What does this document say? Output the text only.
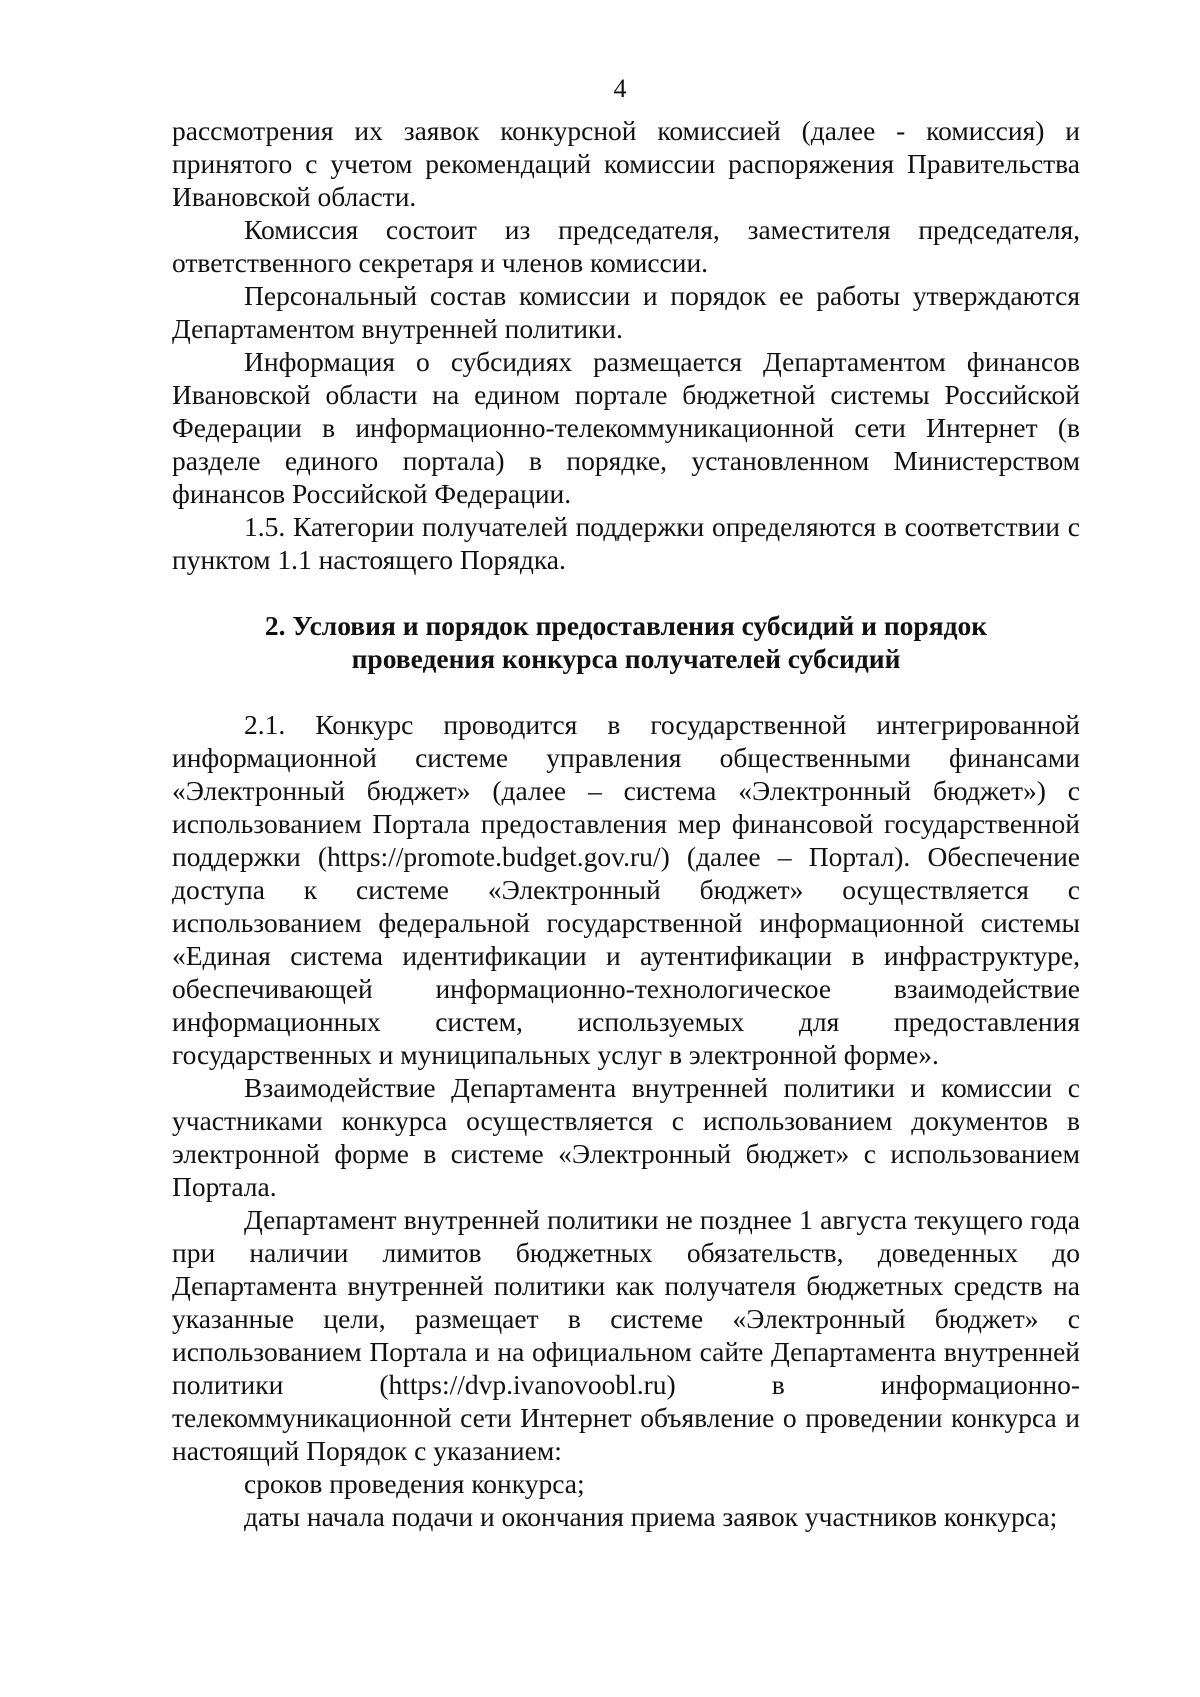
4

рассмотрения их заявок конкурсной комиссией (далее - комиссия) и принятого с учетом рекомендаций комиссии распоряжения Правительства Ивановской области.

Комиссия состоит из председателя, заместителя председателя, ответственного секретаря и членов комиссии.

Персональный состав комиссии и порядок ее работы утверждаются Департаментом внутренней политики.

Информация о субсидиях размещается Департаментом финансов Ивановской области на едином портале бюджетной системы Российской Федерации в информационно-телекоммуникационной сети Интернет (в разделе единого портала) в порядке, установленном Министерством финансов Российской Федерации.

1.5. Категории получателей поддержки определяются в соответствии с пунктом 1.1 настоящего Порядка.

2. Условия и порядок предоставления субсидий и порядок
проведения конкурса получателей субсидий

2.1. Конкурс проводится в государственной интегрированной информационной системе управления общественными финансами «Электронный бюджет» (далее – система «Электронный бюджет») с использованием Портала предоставления мер финансовой государственной поддержки (https://promote.budget.gov.ru/) (далее – Портал). Обеспечение доступа к системе «Электронный бюджет» осуществляется с использованием федеральной государственной информационной системы «Единая система идентификации и аутентификации в инфраструктуре, обеспечивающей информационно-технологическое взаимодействие информационных систем, используемых для предоставления государственных и муниципальных услуг в электронной форме».

Взаимодействие Департамента внутренней политики и комиссии с участниками конкурса осуществляется с использованием документов в электронной форме в системе «Электронный бюджет» с использованием Портала.

Департамент внутренней политики не позднее 1 августа текущего года при наличии лимитов бюджетных обязательств, доведенных до Департамента внутренней политики как получателя бюджетных средств на указанные цели, размещает в системе «Электронный бюджет» с использованием Портала и на официальном сайте Департамента внутренней политики (https://dvp.ivanovoobl.ru) в информационно-телекоммуникационной сети Интернет объявление о проведении конкурса и настоящий Порядок с указанием:

сроков проведения конкурса;

даты начала подачи и окончания приема заявок участников конкурса;
